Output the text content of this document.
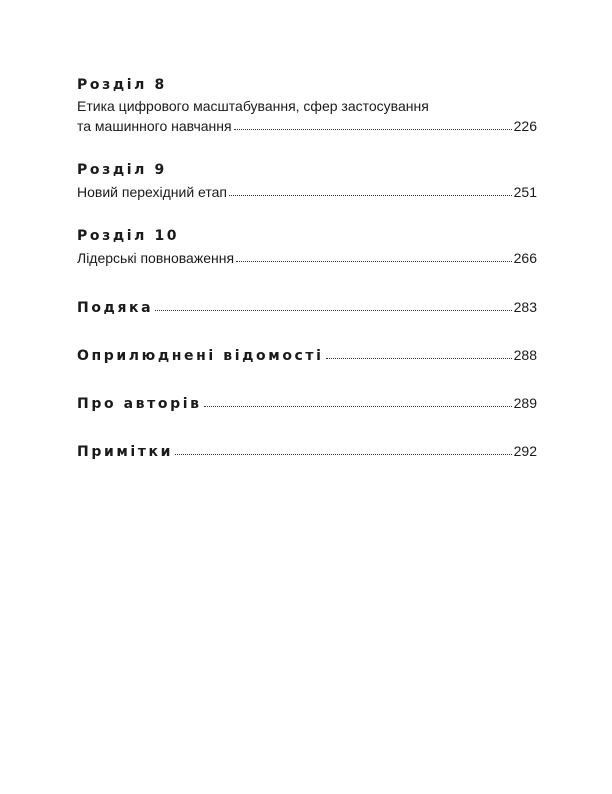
Розділ 8
Етика цифрового масштабування, сфер застосування
та машинного навчання	226
Розділ 9
Новий перехідний етап	251
Розділ 10
Лідерські повноваження	266
Подяка	283
Оприлюднені відомості	288
Про авторів	289
Примітки	292
